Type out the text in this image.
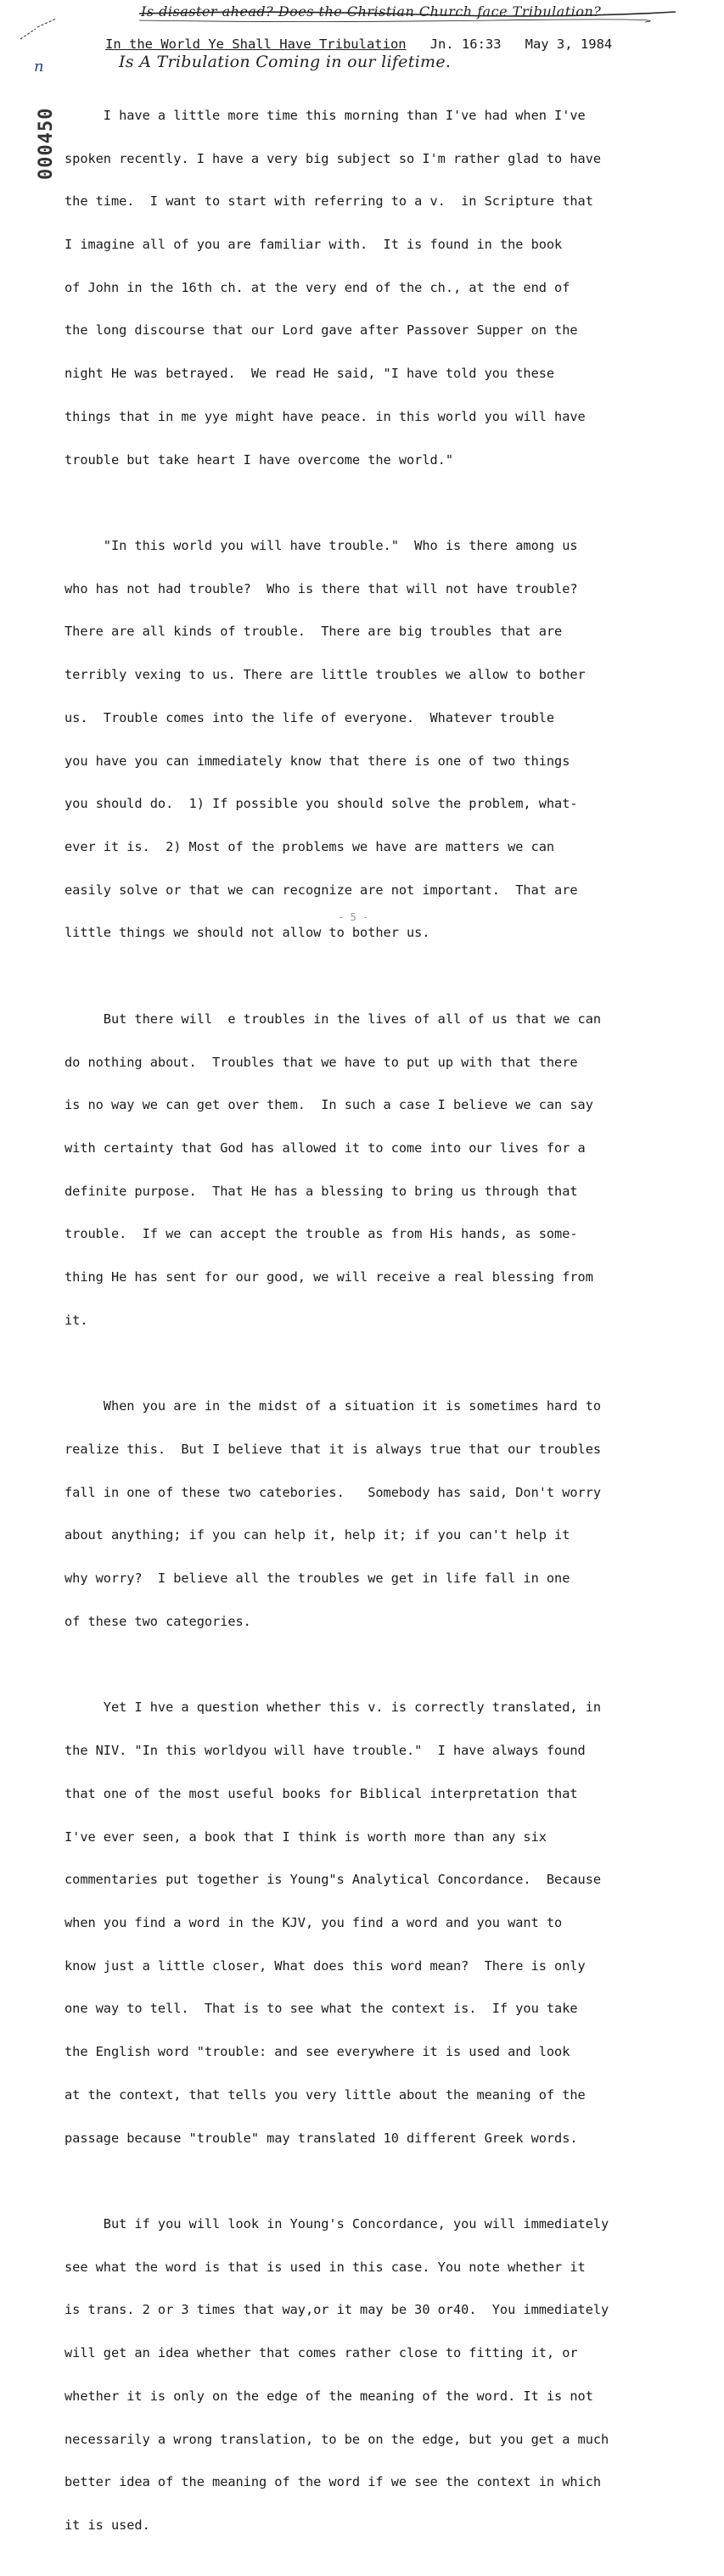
Is disaster ahead? Does the Christian Church face Tribulation?
In the World Ye Shall Have Tribulation Jn. 16:33 May 3, 1984
Is A Tribulation Coming in our lifetime.
n
000450

I have a little more time this morning than I've had when I've

spoken recently. I have a very big subject so I'm rather glad to have

the time.  I want to start with referring to a v.  in Scripture that

I imagine all of you are familiar with.  It is found in the book

of John in the 16th ch. at the very end of the ch., at the end of

the long discourse that our Lord gave after Passover Supper on the

night He was betrayed.  We read He said, "I have told you these

things that in me yye might have peace. in this world you will have

trouble but take heart I have overcome the world."

"In this world you will have trouble."  Who is there among us

who has not had trouble?  Who is there that will not have trouble?

There are all kinds of trouble.  There are big troubles that are

terribly vexing to us. There are little troubles we allow to bother

us.  Trouble comes into the life of everyone.  Whatever trouble

you have you can immediately know that there is one of two things

you should do.  1) If possible you should solve the problem, what-

ever it is.  2) Most of the problems we have are matters we can

easily solve or that we can recognize are not important.  That are

little things we should not allow to bother us.

But there will  e troubles in the lives of all of us that we can

do nothing about.  Troubles that we have to put up with that there

is no way we can get over them.  In such a case I believe we can say

with certainty that God has allowed it to come into our lives for a

definite purpose.  That He has a blessing to bring us through that

trouble.  If we can accept the trouble as from His hands, as some-

thing He has sent for our good, we will receive a real blessing from

it.

When you are in the midst of a situation it is sometimes hard to

realize this.  But I believe that it is always true that our troubles

fall in one of these two catebories.   Somebody has said, Don't worry

about anything; if you can help it, help it; if you can't help it

why worry?  I believe all the troubles we get in life fall in one

of these two categories.

Yet I hve a question whether this v. is correctly translated, in

the NIV. "In this worldyou will have trouble."  I have always found

that one of the most useful books for Biblical interpretation that

I've ever seen, a book that I think is worth more than any six

commentaries put together is Young"s Analytical Concordance.  Because

when you find a word in the KJV, you find a word and you want to

know just a little closer, What does this word mean?  There is only

one way to tell.  That is to see what the context is.  If you take

the English word "trouble: and see everywhere it is used and look

at the context, that tells you very little about the meaning of the

passage because "trouble" may translated 10 different Greek words.

But if you will look in Young's Concordance, you will immediately

see what the word is that is used in this case. You note whether it

is trans. 2 or 3 times that way,or it may be 30 or40.  You immediately

will get an idea whether that comes rather close to fitting it, or

whether it is only on the edge of the meaning of the word. It is not

necessarily a wrong translation, to be on the edge, but you get a much

better idea of the meaning of the word if we see the context in which

it is used.

- 5 -
